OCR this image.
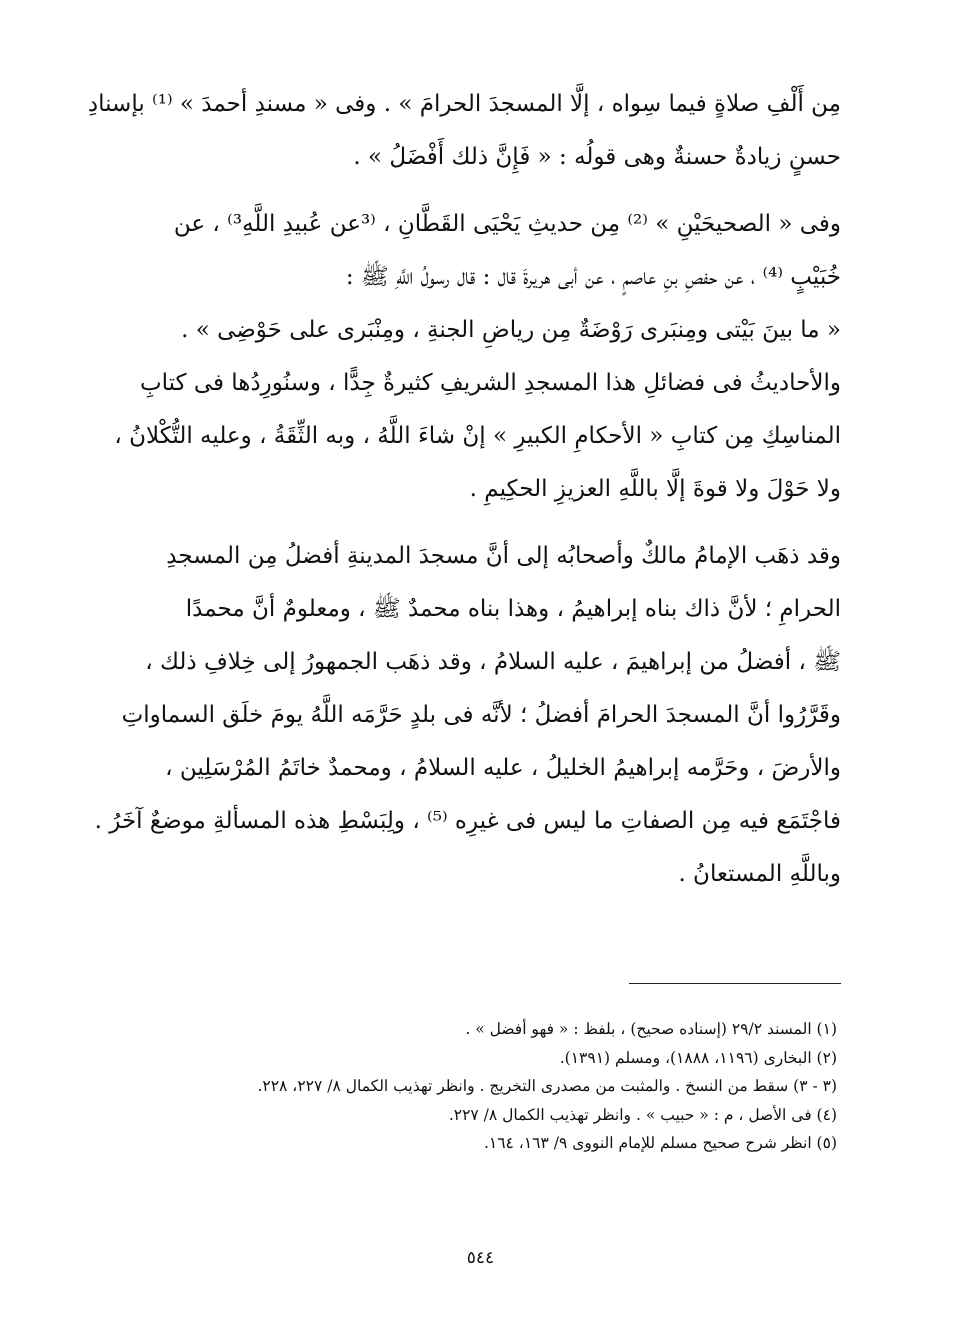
مِن أَلْفِ صلاةٍ فيما سِواه ، إلَّا المسجدَ الحرامَ » . وفى « مسندِ أحمدَ » ⁽¹⁾ بإسنادِ
حسنٍ زيادةٌ حسنةٌ وهى قولُه : « فَإِنَّ ذلك أَفْضَلُ » .
وفى « الصحيحَيْنِ » ⁽²⁾ مِن حديثِ يَحْيَى القَطَّانِ ، ⁽³عن عُبيدِ اللَّهِ³⁾ ، عن
خُبَيْبٍ ⁽⁴⁾ ، عن حفصِ بنِ عاصمٍ ، عن أبى هريرةَ قال : قال رسولُ اللَّهِ ﷺ :
« ما بينَ بَيْتى ومِنبَرى رَوْضَةٌ مِن رياضِ الجنةِ ، ومِنْبَرى على حَوْضِى » .
والأحاديثُ فى فضائلِ هذا المسجدِ الشريفِ كثيرةٌ جِدًّا ، وسنُورِدُها فى كتابِ
المناسِكِ مِن كتابِ « الأحكامِ الكبيرِ » إنْ شاءَ اللَّهُ ، وبه الثِّقَةُ ، وعليه التُّكْلانُ ،
ولا حَوْلَ ولا قوةَ إلَّا باللَّهِ العزيزِ الحكِيمِ .
وقد ذهَب الإمامُ مالكٌ وأصحابُه إلى أنَّ مسجدَ المدينةِ أفضلُ مِن المسجدِ
الحرامِ ؛ لأنَّ ذاك بناه إبراهيمُ ، وهذا بناه محمدٌ ﷺ ، ومعلومٌ أنَّ محمدًا
ﷺ ، أفضلُ من إبراهيمَ ، عليه السلامُ ، وقد ذهَب الجمهورُ إلى خِلافِ ذلك ،
وقَرَّرُوا أنَّ المسجدَ الحرامَ أفضلُ ؛ لأنَّه فى بلدٍ حَرَّمَه اللَّهُ يومَ خلَق السماواتِ
والأرضَ ، وحَرَّمه إبراهيمُ الخليلُ ، عليه السلامُ ، ومحمدٌ خاتَمُ المُرْسَلِين ،
فاجْتَمَع فيه مِن الصفاتِ ما ليس فى غيرِه ⁽⁵⁾ ، ولِبَسْطِ هذه المسألةِ موضعٌ آخَرُ .
وباللَّهِ المستعانُ .
(١) المسند ٢٩/٢ (إسناده صحيح) ، بلفظ : « فهو أفضل » .
(٢) البخارى (١١٩٦، ١٨٨٨)، ومسلم (١٣٩١).
(٣ - ٣) سقط من النسخ . والمثبت من مصدرى التخريج . وانظر تهذيب الكمال ٨/ ٢٢٧، ٢٢٨.
(٤) فى الأصل ، م : « حبيب » . وانظر تهذيب الكمال ٨/ ٢٢٧.
(٥) انظر شرح صحيح مسلم للإمام النووى ٩/ ١٦٣، ١٦٤.
٥٤٤
